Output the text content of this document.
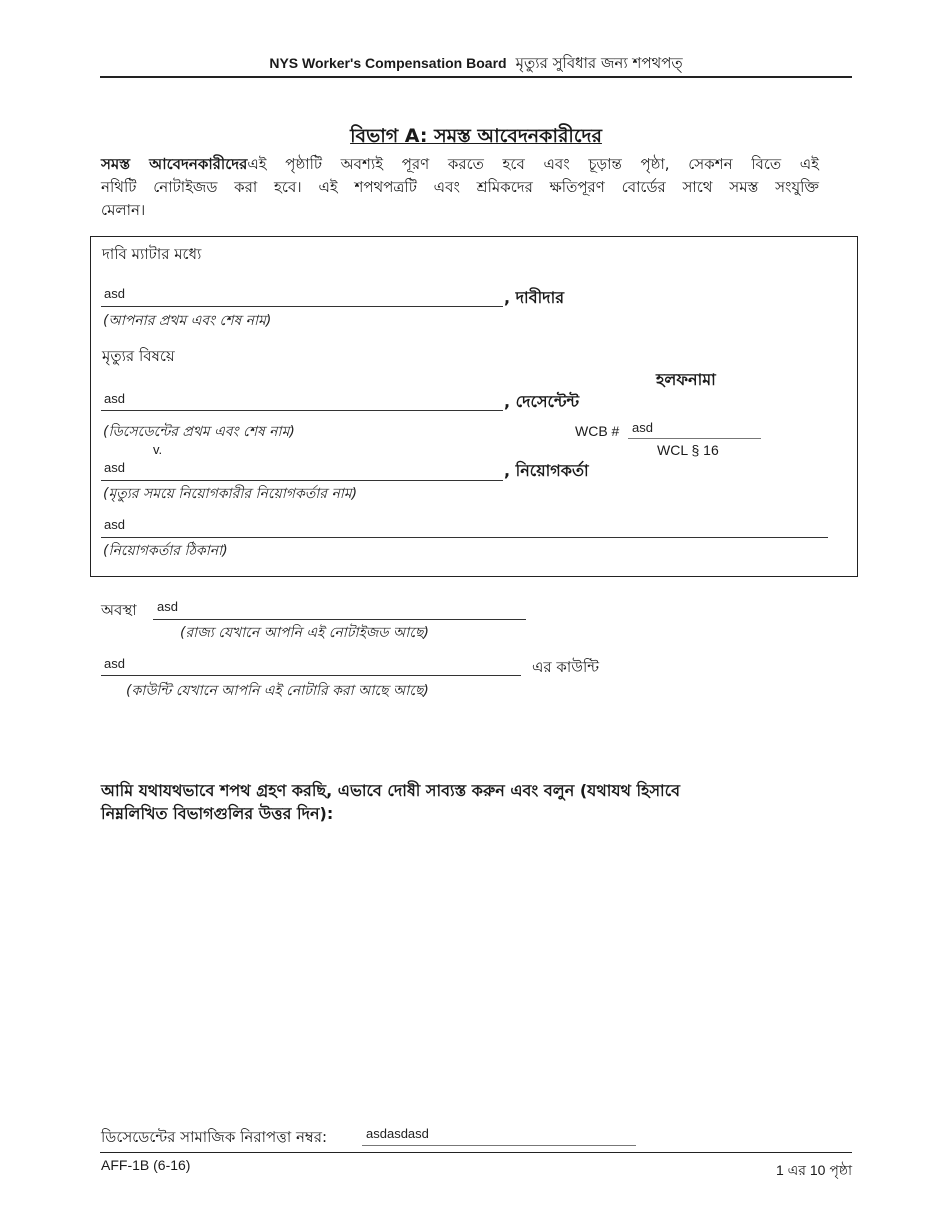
NYS Worker's Compensation Board মৃত্যুর সুবিধার জন্য শপথপত্
বিভাগ A: সমস্ত আবেদনকারীদের
সমস্ত আবেদনকারীদেরএই পৃষ্ঠাটি অবশ্যই পূরণ করতে হবে এবং চূড়ান্ত পৃষ্ঠা, সেকশন বিতে এই
নথিটি নোটাইজড করা হবে। এই শপথপত্রটি এবং শ্রমিকদের ক্ষতিপূরণ বোর্ডের সাথে সমস্ত সংযুক্তি
মেলান।
দাবি ম্যাটার মধ্যে
asd	, দাবীদার
(আপনার প্রথম এবং শেষ নাম)
মৃত্যুর বিষয়ে
হলফনামা
asd	, দেসেন্টেন্ট
(ডিসেডেন্টের প্রথম এবং শেষ নাম)	WCB # asd
WCL § 16
v.
asd	, নিয়োগকর্তা
(মৃত্যুর সময়ে নিয়োগকারীর নিয়োগকর্তার নাম)
asd
(নিয়োগকর্তার ঠিকানা)
অবস্থা asd
(রাজ্য যেখানে আপনি এই নোটাইজড আছে)
asd	এর কাউন্টি
(কাউন্টি যেখানে আপনি এই নোটারি করা আছে আছে)
আমি যথাযথভাবে শপথ গ্রহণ করছি, এভাবে দোষী সাব্যস্ত করুন এবং বলুন (যথাযথ হিসাবে
নিম্নলিখিত বিভাগগুলির উত্তর দিন):
ডিসেডেন্টের সামাজিক নিরাপত্তা নম্বর:	asdasdasd
AFF-1B (6-16)	1 এর 10 পৃষ্ঠা
